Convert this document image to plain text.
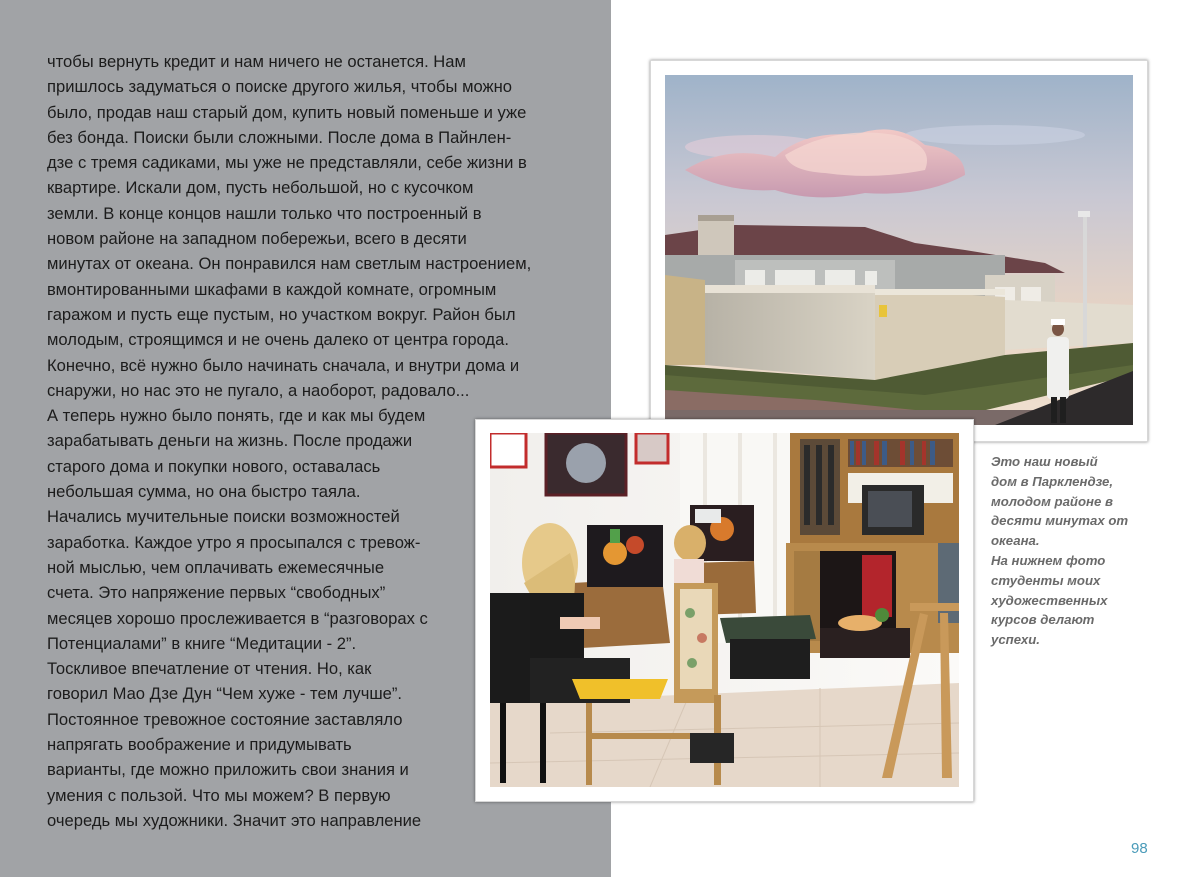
чтобы вернуть кредит и нам ничего не останется. Нам
пришлось задуматься о поиске другого жилья, чтобы можно
было, продав наш старый дом, купить новый поменьше и уже
без бонда. Поиски были сложными. После дома в Пайнлен-
дзе с тремя садиками, мы уже не представляли, себе жизни в
квартире. Искали дом, пусть небольшой, но с кусочком
земли. В конце концов нашли только что построенный в
новом районе на западном побережьи, всего в десяти
минутах от океана. Он понравился нам светлым настроением,
вмонтированными шкафами в каждой комнате, огромным
гаражом и пусть еще пустым, но участком вокруг. Район был
молодым, строящимся и не очень далеко от центра города.
Конечно, всё нужно было начинать сначала, и внутри дома и
снаружи, но нас это не пугало, а наоборот, радовало...
А теперь нужно было понять, где и как мы будем
зарабатывать деньги на жизнь. После продажи
старого дома и покупки нового, оставалась
небольшая сумма, но она быстро таяла.
Начались мучительные поиски возможностей
заработка. Каждое утро я просыпался с тревож-
ной мыслью, чем оплачивать ежемесячные
счета. Это напряжение первых “свободных”
месяцев хорошо прослеживается в “разговорах с
Потенциалами” в книге “Медитации - 2”.
Тоскливое впечатление от чтения. Но, как
говорил Мао Дзе Дун “Чем хуже - тем лучше”.
Постоянное тревожное состояние заставляло
напрягать воображение и придумывать
варианты, где можно приложить свои знания и
умения с пользой. Что мы можем? В первую
очередь мы художники. Значит это направление
Это наш новый
дом в Парклендзе,
молодом районе в
десяти минутах от
океана.
На нижнем фото
студенты моих
художественных
курсов делают
успехи.
98
